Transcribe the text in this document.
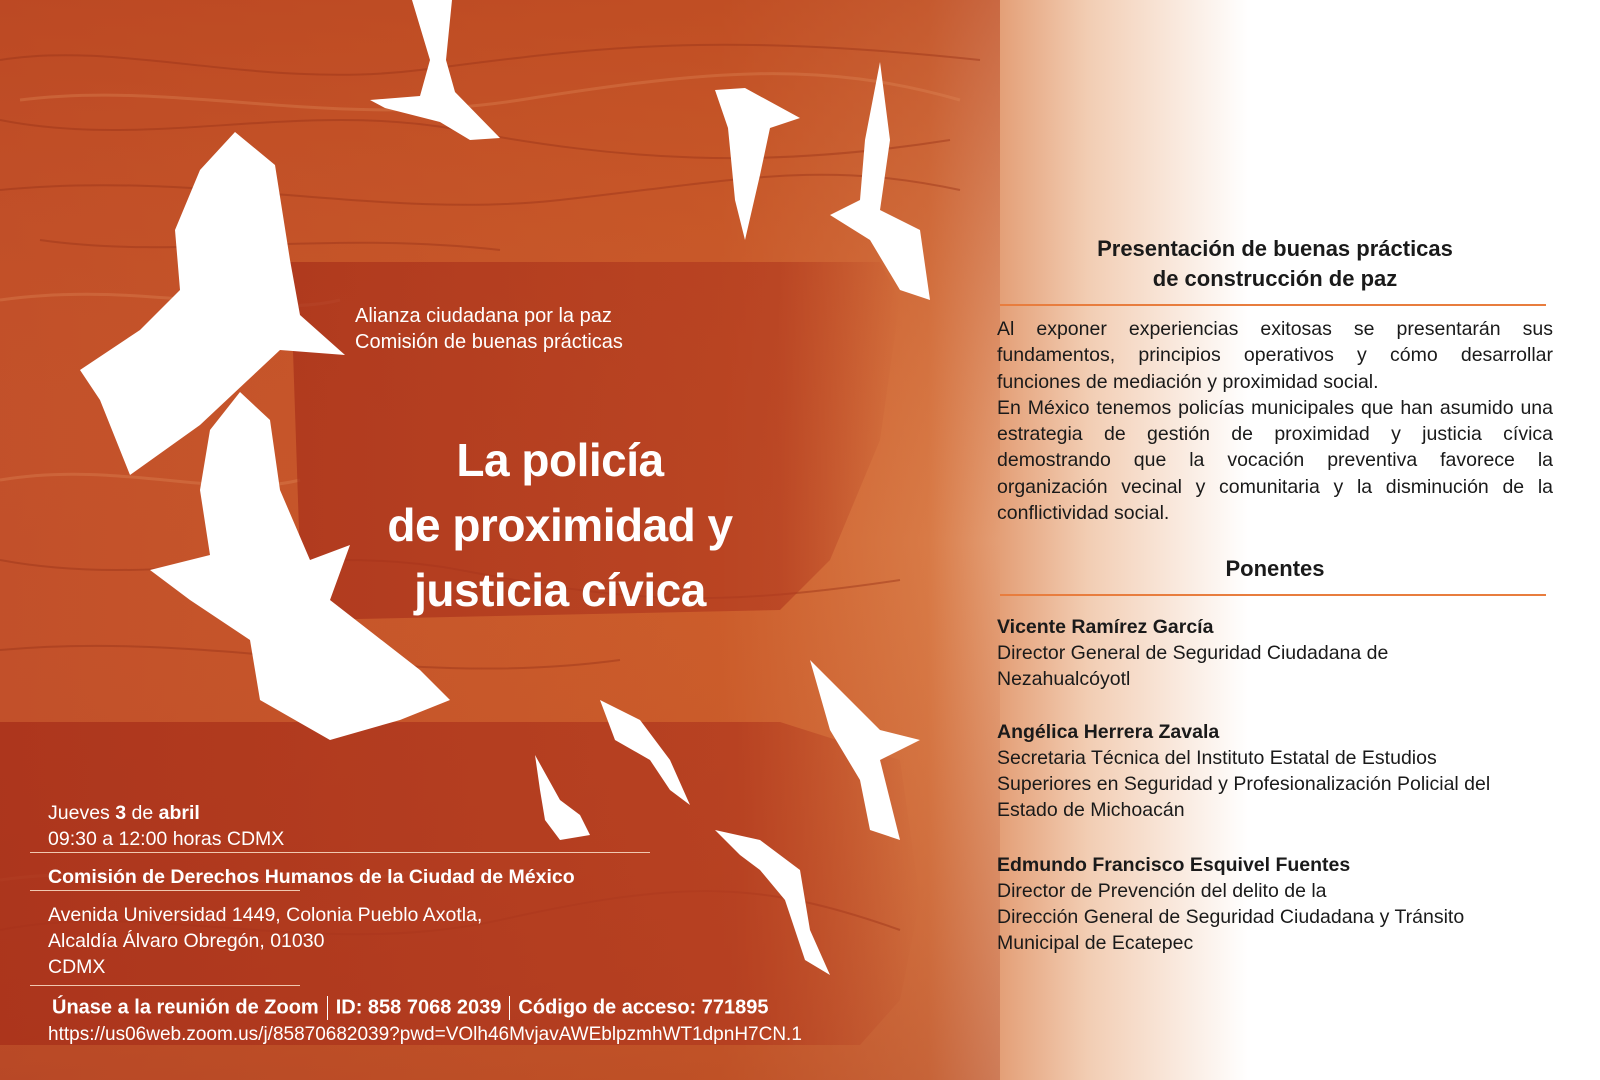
Alianza ciudadana por la paz
Comisión de buenas prácticas
La policía
de proximidad y
justicia cívica
Jueves 3 de abril
09:30 a 12:00 horas CDMX
Comisión de Derechos Humanos de la Ciudad de México
Avenida Universidad 1449, Colonia Pueblo Axotla,
Alcaldía Álvaro Obregón, 01030
CDMX
Únase a la reunión de Zoom ID: 858 7068 2039 Código de acceso: 771895
https://us06web.zoom.us/j/85870682039?pwd=VOlh46MvjavAWEblpzmhWT1dpnH7CN.1
Presentación de buenas prácticas
de construcción de paz
Al exponer experiencias exitosas se presentarán sus fundamentos, principios operativos y cómo desarrollar funciones de mediación y proximidad social.
En México tenemos policías municipales que han asumido una estrategia de gestión de proximidad y justicia cívica demostrando que la vocación preventiva favorece la organización vecinal y comunitaria y la disminución de la conflictividad social.
Ponentes
Vicente Ramírez García
Director General de Seguridad Ciudadana de
Nezahualcóyotl
Angélica Herrera Zavala
Secretaria Técnica del Instituto Estatal de Estudios
Superiores en Seguridad y Profesionalización Policial del
Estado de Michoacán
Edmundo Francisco Esquivel Fuentes
Director de Prevención del delito de la
Dirección General de Seguridad Ciudadana y Tránsito
Municipal de Ecatepec
